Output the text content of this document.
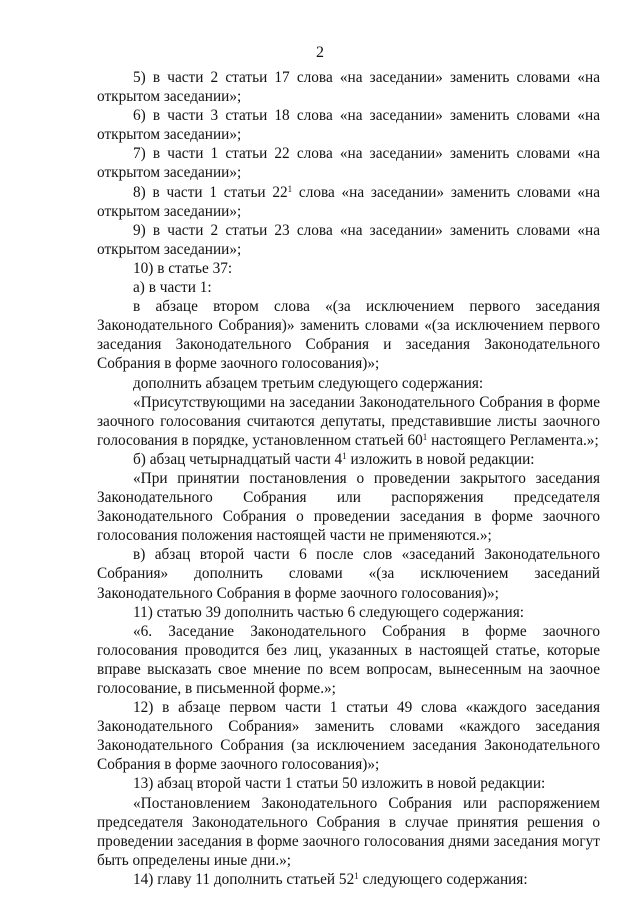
2

5) в части 2 статьи 17 слова «на заседании» заменить словами «на открытом заседании»;

6) в части 3 статьи 18 слова «на заседании» заменить словами «на открытом заседании»;

7) в части 1 статьи 22 слова «на заседании» заменить словами «на открытом заседании»;

8) в части 1 статьи $22^1$ слова «на заседании» заменить словами «на открытом заседании»;

9) в части 2 статьи 23 слова «на заседании» заменить словами «на открытом заседании»;

10) в статье 37:

а) в части 1:

в абзаце втором слова «(за исключением первого заседания Законодательного Собрания)» заменить словами «(за исключением первого заседания Законодательного Собрания и заседания Законодательного Собрания в форме заочного голосования)»;

дополнить абзацем третьим следующего содержания:

«Присутствующими на заседании Законодательного Собрания в форме заочного голосования считаются депутаты, представившие листы заочного голосования в порядке, установленном статьей $60^1$ настоящего Регламента.»;

б) абзац четырнадцатый части $4^1$ изложить в новой редакции:

«При принятии постановления о проведении закрытого заседания Законодательного Собрания или распоряжения председателя Законодательного Собрания о проведении заседания в форме заочного голосования положения настоящей части не применяются.»;

в) абзац второй части 6 после слов «заседаний Законодательного Собрания» дополнить словами «(за исключением заседаний Законодательного Собрания в форме заочного голосования)»;

11) статью 39 дополнить частью 6 следующего содержания:

«6. Заседание Законодательного Собрания в форме заочного голосования проводится без лиц, указанных в настоящей статье, которые вправе высказать свое мнение по всем вопросам, вынесенным на заочное голосование, в письменной форме.»;

12) в абзаце первом части 1 статьи 49 слова «каждого заседания Законодательного Собрания» заменить словами «каждого заседания Законодательного Собрания (за исключением заседания Законодательного Собрания в форме заочного голосования)»;

13) абзац второй части 1 статьи 50 изложить в новой редакции:

«Постановлением Законодательного Собрания или распоряжением председателя Законодательного Собрания в случае принятия решения о проведении заседания в форме заочного голосования днями заседания могут быть определены иные дни.»;

14) главу 11 дополнить статьей $52^1$ следующего содержания:
